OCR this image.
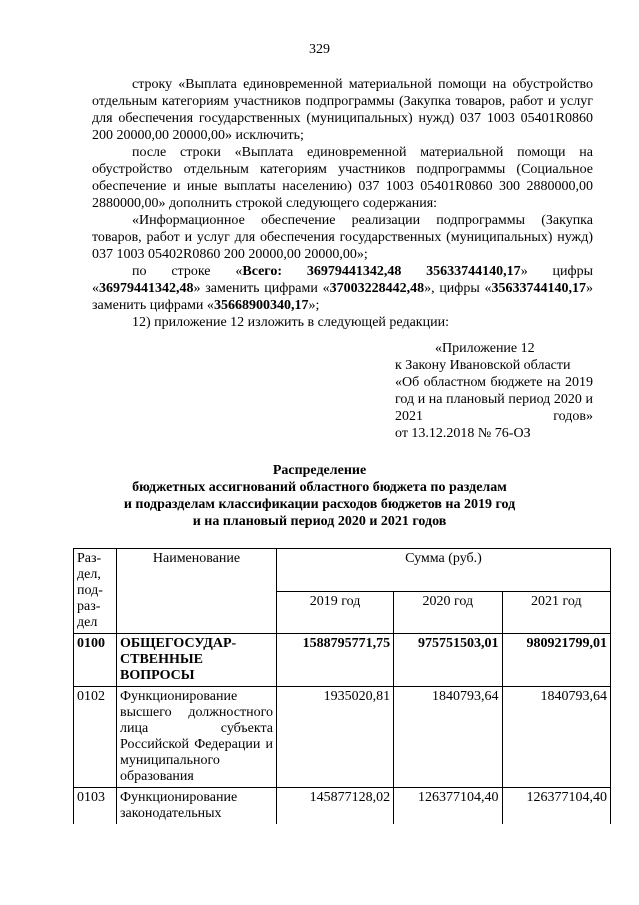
329

строку «Выплата единовременной материальной помощи на обустройство отдельным категориям участников подпрограммы (Закупка товаров, работ и услуг для обеспечения государственных (муниципальных) нужд) 037 1003 05401R0860 200 20000,00 20000,00» исключить;

после строки «Выплата единовременной материальной помощи на обустройство отдельным категориям участников подпрограммы (Социальное обеспечение и иные выплаты населению) 037 1003 05401R0860 300 2880000,00 2880000,00» дополнить строкой следующего содержания:

«Информационное обеспечение реализации подпрограммы (Закупка товаров, работ и услуг для обеспечения государственных (муниципальных) нужд) 037 1003 05402R0860 200 20000,00 20000,00»;

по строке «Всего: 36979441342,48 35633744140,17» цифры «36979441342,48» заменить цифрами «37003228442,48», цифры «35633744140,17» заменить цифрами «35668900340,17»;

12) приложение 12 изложить в следующей редакции:

«Приложение 12
к Закону Ивановской области
«Об областном бюджете на 2019 год и на плановый период 2020 и 2021 годов»
от 13.12.2018 № 76-ОЗ
Распределение
бюджетных ассигнований областного бюджета по разделам
и подразделам классификации расходов бюджетов на 2019 год
и на плановый период 2020 и 2021 годов
Раз-дел, под-раз-дел	Наименование	Сумма (руб.)		
		2019 год	2020 год	2021 год
0100	ОБЩЕГОСУДАР-СТВЕННЫЕ ВОПРОСЫ	1588795771,75	975751503,01	980921799,01
0102	Функционирование высшего должностного лица субъекта Российской Федерации и муниципального образования	1935020,81	1840793,64	1840793,64
0103	Функционирование законодательных	145877128,02	126377104,40	126377104,40
